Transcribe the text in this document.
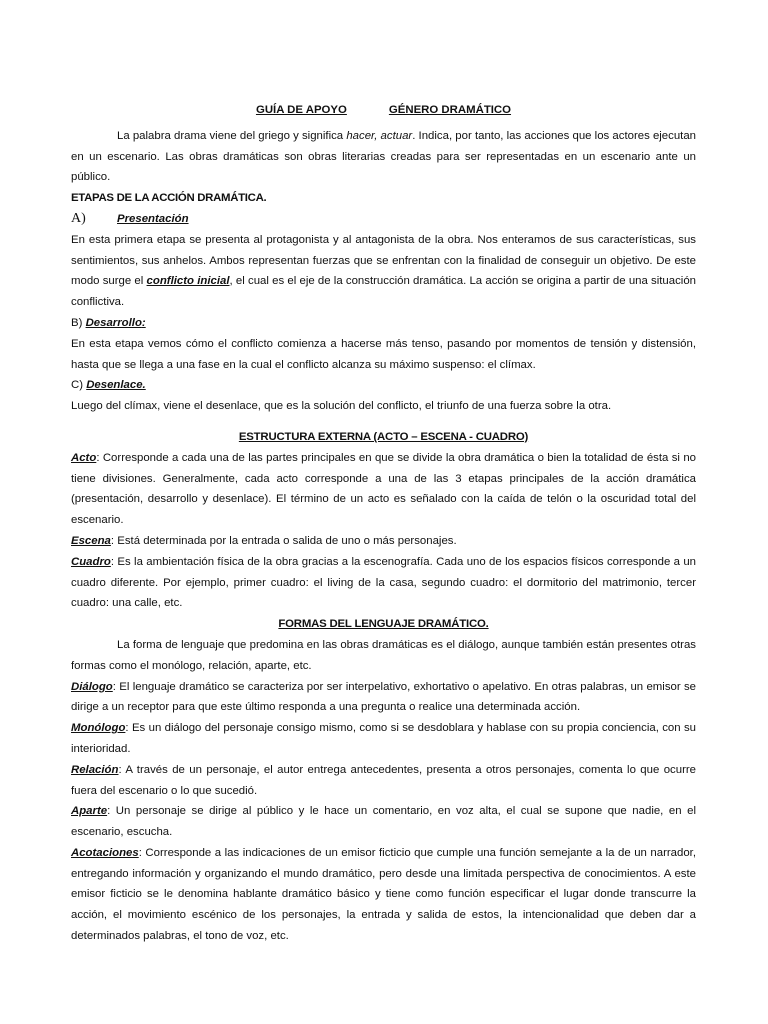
GUÍA DE APOYO	GÉNERO DRAMÁTICO

La palabra drama viene del griego y significa hacer, actuar. Indica, por tanto, las acciones que los actores ejecutan en un escenario. Las obras dramáticas son obras literarias creadas para ser representadas en un escenario ante un público.

ETAPAS DE LA ACCIÓN DRAMÁTICA.

A)	Presentación

En esta primera etapa se presenta al protagonista y al antagonista de la obra. Nos enteramos de sus características, sus sentimientos, sus anhelos. Ambos representan fuerzas que se enfrentan con la finalidad de conseguir un objetivo. De este modo surge el conflicto inicial, el cual es el eje de la construcción dramática. La acción se origina a partir de una situación conflictiva.

B) Desarrollo:

En esta etapa vemos cómo el conflicto comienza a hacerse más tenso, pasando por momentos de tensión y distensión, hasta que se llega a una fase en la cual el conflicto alcanza su máximo suspenso: el clímax.

C) Desenlace.

Luego del clímax, viene el desenlace, que es la solución del conflicto, el triunfo de una fuerza sobre la otra.

ESTRUCTURA EXTERNA (ACTO – ESCENA - CUADRO)

Acto: Corresponde a cada una de las partes principales en que se divide la obra dramática o bien la totalidad de ésta si no tiene divisiones. Generalmente, cada acto corresponde a una de las 3 etapas principales de la acción dramática (presentación, desarrollo y desenlace). El término de un acto es señalado con la caída de telón o la oscuridad total del escenario.

Escena: Está determinada por la entrada o salida de uno o más personajes.

Cuadro: Es la ambientación física de la obra gracias a la escenografía. Cada uno de los espacios físicos corresponde a un cuadro diferente. Por ejemplo, primer cuadro: el living de la casa, segundo cuadro: el dormitorio del matrimonio, tercer cuadro: una calle, etc.

FORMAS DEL LENGUAJE DRAMÁTICO.

La forma de lenguaje que predomina en las obras dramáticas es el diálogo, aunque también están presentes otras formas como el monólogo, relación, aparte, etc.

Diálogo: El lenguaje dramático se caracteriza por ser interpelativo, exhortativo o apelativo. En otras palabras, un emisor se dirige a un receptor para que este último responda a una pregunta o realice una determinada acción.

Monólogo: Es un diálogo del personaje consigo mismo, como si se desdoblara y hablase con su propia conciencia, con su interioridad.

Relación: A través de un personaje, el autor entrega antecedentes, presenta a otros personajes, comenta lo que ocurre fuera del escenario o lo que sucedió.

Aparte: Un personaje se dirige al público y le hace un comentario, en voz alta, el cual se supone que nadie, en el escenario, escucha.

Acotaciones: Corresponde a las indicaciones de un emisor ficticio que cumple una función semejante a la de un narrador, entregando información y organizando el mundo dramático, pero desde una limitada perspectiva de conocimientos. A este emisor ficticio se le denomina hablante dramático básico y tiene como función especificar el lugar donde transcurre la acción, el movimiento escénico de los personajes, la entrada y salida de estos, la intencionalidad que deben dar a determinados palabras, el tono de voz, etc.
